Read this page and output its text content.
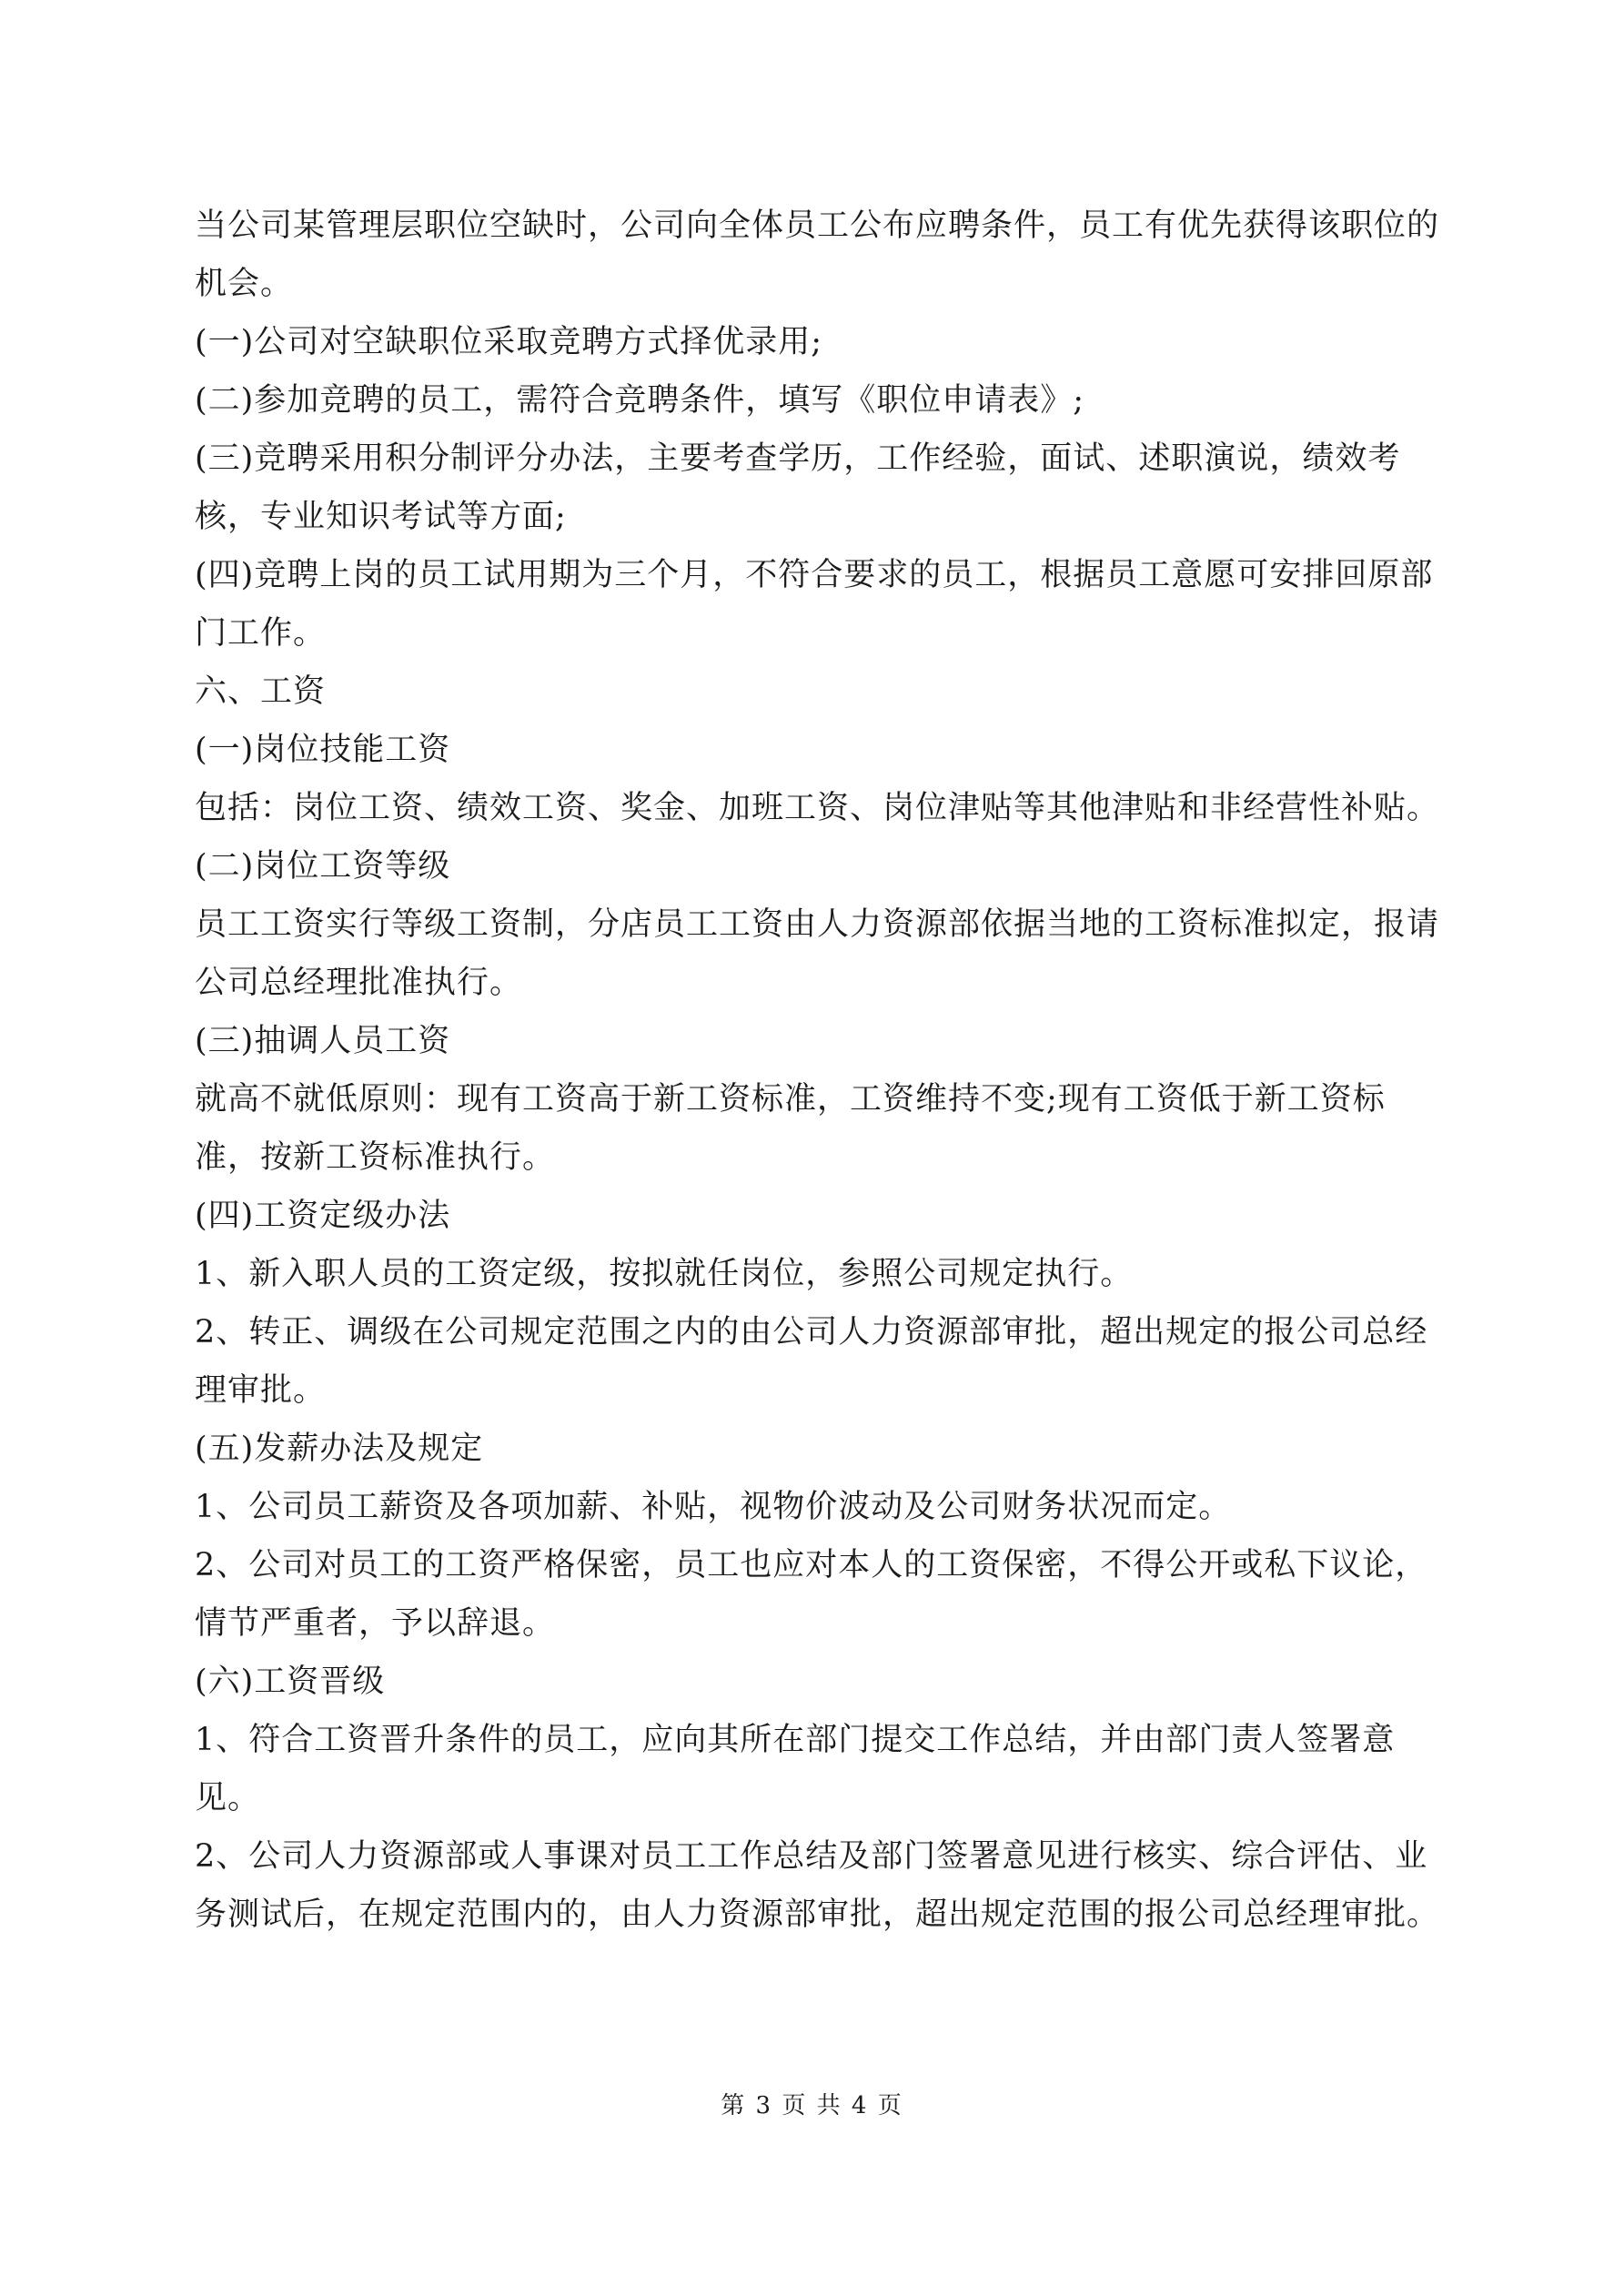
当公司某管理层职位空缺时，公司向全体员工公布应聘条件，员工有优先获得该职位的机会。

(一)公司对空缺职位采取竞聘方式择优录用;

(二)参加竞聘的员工，需符合竞聘条件，填写《职位申请表》;

(三)竞聘采用积分制评分办法，主要考查学历，工作经验，面试、述职演说，绩效考核，专业知识考试等方面;

(四)竞聘上岗的员工试用期为三个月，不符合要求的员工，根据员工意愿可安排回原部门工作。

六、工资

(一)岗位技能工资

包括：岗位工资、绩效工资、奖金、加班工资、岗位津贴等其他津贴和非经营性补贴。

(二)岗位工资等级

员工工资实行等级工资制，分店员工工资由人力资源部依据当地的工资标准拟定，报请公司总经理批准执行。

(三)抽调人员工资

就高不就低原则：现有工资高于新工资标准，工资维持不变;现有工资低于新工资标准，按新工资标准执行。

(四)工资定级办法

1、新入职人员的工资定级，按拟就任岗位，参照公司规定执行。

2、转正、调级在公司规定范围之内的由公司人力资源部审批，超出规定的报公司总经理审批。

(五)发薪办法及规定

1、公司员工薪资及各项加薪、补贴，视物价波动及公司财务状况而定。

2、公司对员工的工资严格保密，员工也应对本人的工资保密，不得公开或私下议论，情节严重者，予以辞退。

(六)工资晋级

1、符合工资晋升条件的员工，应向其所在部门提交工作总结，并由部门责人签署意见。

2、公司人力资源部或人事课对员工工作总结及部门签署意见进行核实、综合评估、业务测试后，在规定范围内的，由人力资源部审批，超出规定范围的报公司总经理审批。

第 3 页 共 4 页
